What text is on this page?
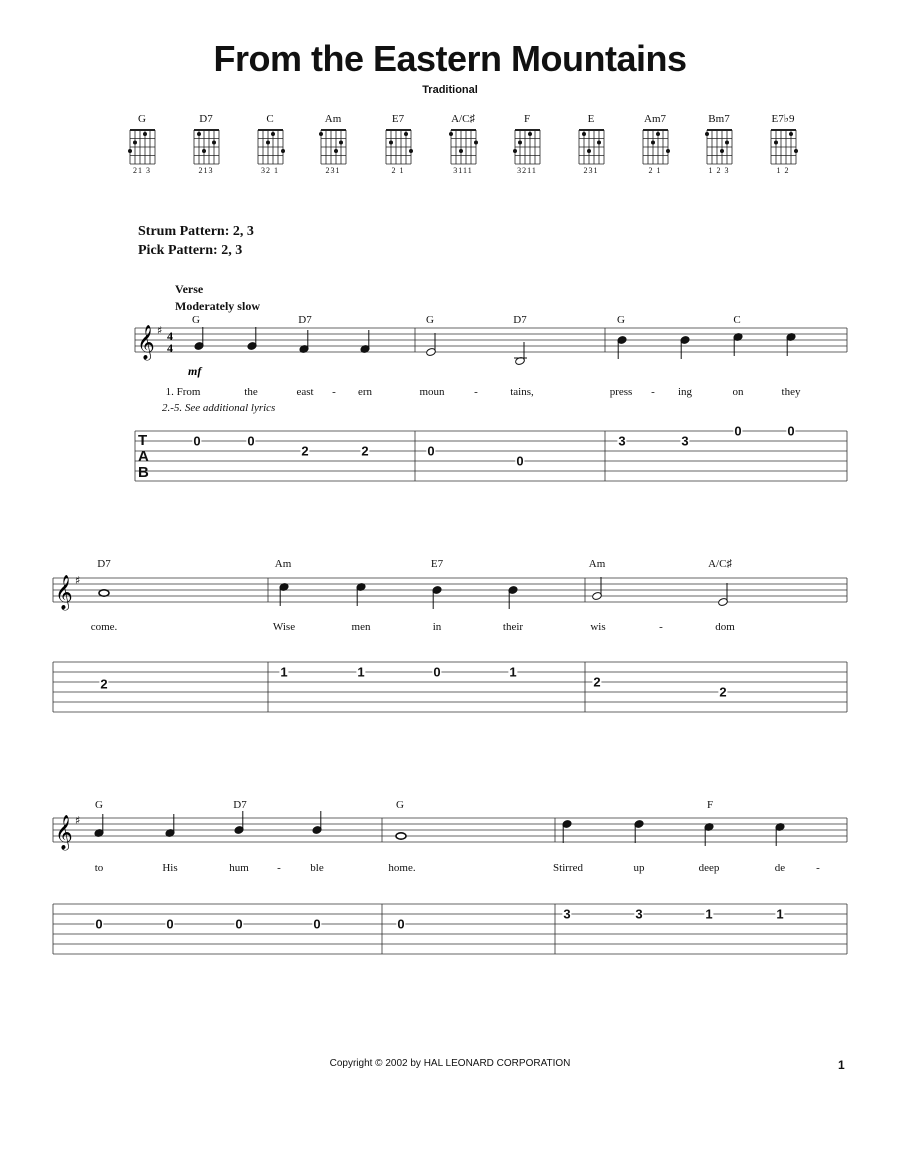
From the Eastern Mountains
Traditional
G
21 3
D7
213
C
32 1
Am
231
E7
2 1
A/C♯
3111
F
3211
E
231
Am7
2 1
Bm7
1 2 3
E7♭9
1 2
Strum Pattern: 2, 3
Pick Pattern: 2, 3
Verse
Moderately slow
𝄞 ♯ 4
4
mf
𝄞 ♯
𝄞 ♯
T
A
B
G	D7	G	D7	G	C
1. From	the	east - ern	moun	-	tains,	press - ing	on	they
2.-5. See additional lyrics
0	0
2	2	0
0
3	3
0	0
D7	Am	E7	Am	A/C♯
come.	Wise	men	in	their	wis	-	dom
2
1	1	0	1
2
2
G	D7	G	F
to	His	hum	-	ble	home.	Stirred	up	deep	de	-
0	0	0	0	0
3	3	1	1
Copyright © 2002 by HAL LEONARD CORPORATION	1
